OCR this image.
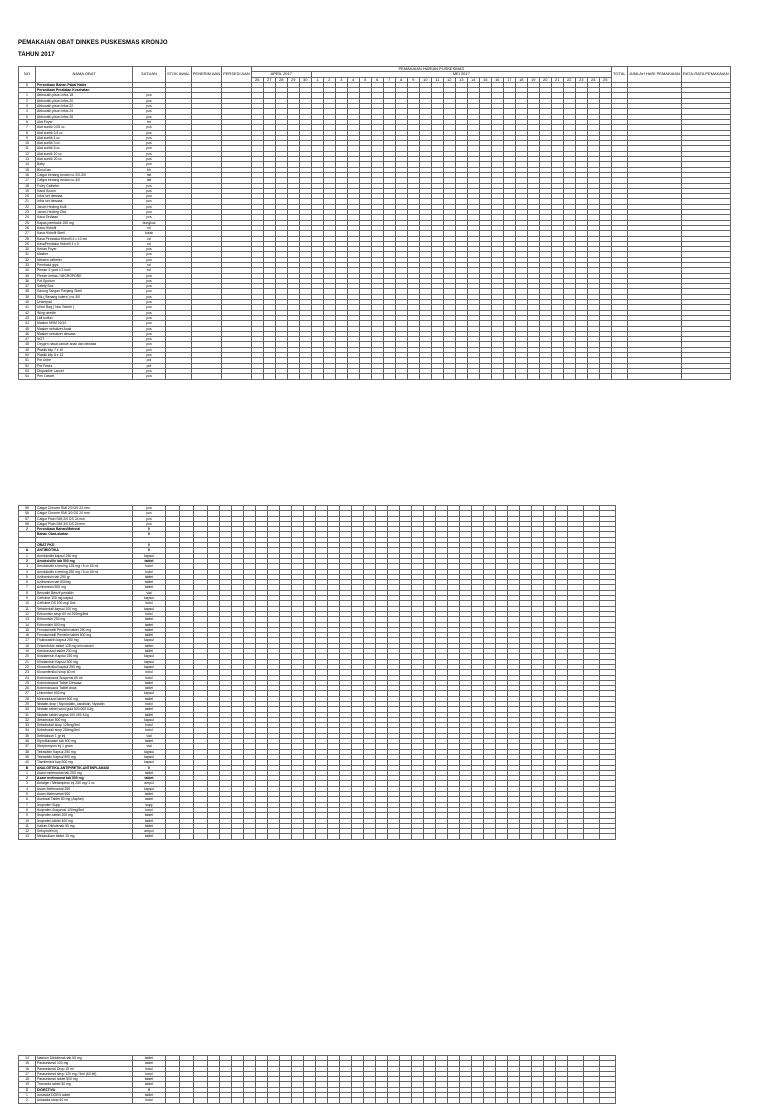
PEMAKAIAN OBAT DINKES PUSKESMAS KRONJO
TAHUN 2017
NO	NAMA OBAT	SATUAN	STOK AWAL	PENERIM AAN	PERSEDI AAN	PEMAKAIAN HARIAN PUSKESMAS																														TOTAL	JUMLAH HARI PEMAKAIAN	RATA-RATA PEMAKAIAN
						APRIL 2017					MEI 2017																											
						26	27	28	29	30	1	2	3	4	5	6	7	8	9	10	11	12	13	14	15	16	17	18	19	20	21	22	23	24	25			
1	Persediaan Bahan Pakai Habis																																					
	Persediaan Peralatan Kesehatan																																					
1	Abbocath pison infus 18	pcs																																				
2	Abbocath pison infus 20	pcs																																				
3	Abbocath pison infus 22	pcs																																				
4	Abbocath pison infus 24	pcs																																				
5	Abbocath pison infus 26	pcs																																				
6	Alat Puyer	bh																																				
7	Alat suntik 0,05 cc	pcs																																				
8	Alat suntik 0,5 cc	pcs																																				
9	Alat suntik 1 cc	pcs																																				
10	Alat suntik 3 cc	pcs																																				
11	Alat suntik 5 cc	pcs																																				
12	Alat suntik 10 cc	pcs																																				
13	Alat suntik 20 cc	pcs																																				
14	Baby	pcs																																				
15	Blood lan	bh																																				
16	Catgut benang bedah no 2/0-3/0	hel																																				
17	Catgut benang bedah no 3/0	hel																																				
18	Foley Catheter	pcs																																				
19	Hand Scoon	pcs																																				
20	Infus set dewasa	pcs																																				
21	Infus set dewasa	pcs																																				
22	Jarum Hecting Kulit	pcs																																				
23	Jarum Hecting Otot	pcs																																				
24	Kaca Sediaan	pcs																																				
25	Kapas pembalut 250 mg	bungkus																																				
26	Kasa Hidrofil	rol																																				
27	Kasa Hidrofil Steril	kotak																																				
28	Kasa Pembalut Hidrofil 4 x 10 cm	rol																																				
29	KasaPembalut Hidrofil 4 x 5	rol																																				
30	Kertas Puyer	pcs																																				
31	Masker	pcs																																				
32	Nelaton catheter	pcs																																				
33	Pembalut gips	rol																																				
34	Plester 5 yard x 2 inch	rol																																				
35	Plester kertas / MICROPORE	pcs																																				
36	Pot Sputum	pcs																																				
37	Safety Box	pcs																																				
38	Sarung Tangan Panjang Steril	pcs																																				
39	Silk ( Benang sutera ) no 3/0	pcs																																				
40	Underpad	pcs																																				
41	Urine Bag ( Non Sebeh )	pcs																																				
42	Wing needle	pcs																																				
43	Lidi kuttun	pcs																																				
44	Masker NRM 02/10	pcs																																				
45	Masker nebulizer Anak	pcs																																				
46	Masker nebulizer dewasa	pcs																																				
47	NGT	pcs																																				
48	Oxygen nasal canule anak dan dewasa	pcs																																				
49	Plastik klip 7 x 10	pcs																																				
50	Plastik klip 8 x 13	pcs																																				
51	Pot Urine	pot																																				
52	Pot Feses	pot																																				
53	Disposible Lancet	pcs																																				
54	Pen Lancet	pcs																																				
55	Catgut Chrome SMI 2/0 DS 24 mm	pcs																																				
56	Catgut Chrome SMI 3/0 DS 24 mm	pcs																																				
57	Catgut Plain SMI 2/0 DS 24 mm	pcs																																				
58	Catgut Plain SMI 3/0 DS 24 mm	pcs																																				
2	Persediaan Bahan/Material	0																																				
	Bahan Obat-obatan	0																																				

	OBAT PKD	0																																				
A	ANTIBIOTIKA	0																																				
1	Amoksisilin kapsul 250 mg	kapsul																																				
2	Amoksisilin tab 500 mg	tablet																																				
3	Amoksisilin s teming 125 mg / 5 cc 60 ml	botol																																				
4	Amoksisilin s teming 250 mg / 5 cc 60 ml	botol																																				
5	Azitromisin tab 250 gr	tablet																																				
6	Azitromisin tab 500mg	tablet																																				
7	Azitromisin 500 mg	tablet																																				
8	Benzatin Benzil penisilin	vial																																				
9	Cefixime 100 mg kapsul	kapsul																																				
10	Cefixime DS 100 mg/ 5ml	botol																																				
11	Sefadroksil kapsul 100 mg	kapsul																																				
12	Eritromisin sirup 60 ml 200mg/5ml	botol																																				
13	Eritromisin 250 mg	tablet																																				
14	Eritromisin 500 mg	tablet																																				
15	Fenoksimetil Penisilin tablet 250 mg	tablet																																				
16	Fenoksimetil Penisilin tablet 500 mg	tablet																																				
17	Fluklosasilin kapsul 250 mg	kapsul																																				
18	Griseofulvin tablet 125 mg microsized	tablet																																				
19	Ketokonazol tablet 200 mg	tablet																																				
20	Klindamisin Kapsul 150 mg	kapsul																																				
21	Klindamisin Kapsul 300 mg	kapsul																																				
22	Kloramfenikol kapsul 250 mg	kapsul																																				
23	Kloramfenikol sirup 60 ml	botol																																				
24	Kotrimoksazol Suspensi 60 ml	botol																																				
25	Kotrimoksazol Tablet Dewasa	tablet																																				
26	Kotrimoksazol Tablet anak	tablet																																				
27	Linkomisin 500 mg	kapsul																																				
28	Metronidazol tablet 500 mg	tablet																																				
29	Nistatin drop / Mycostatin, candistin, Nystatin	botol																																				
30	Nistatin tablet salut gula 500.000 IU/g	tablet																																				
31	Nistatin tablet vagina 100.000 IU/g	tablet																																				
32	Sefadroksil 500 mg	kapsul																																				
33	Sefadroksil sirup 125mg/5ml	botol																																				
34	Sefadroksil sirup 250mg/5ml	botol																																				
35	Seftriakson 1 gr inj	vial																																				
36	Siprofloksasin tab 500 mg	tablet																																				
37	Streptomycin inj 1 gram	vial																																				
38	Tetrasiklin Kapsul 250 mg	kapsul																																				
39	Tetrasiklin Kapsul 500 mg	kapsul																																				
40	Tiamfenikol kap 500 mg	kapsul																																				
B	ANALGETIKA-ANTIPIRETIK-ANTIINFLAMASI	0																																				
1	Asam mefenamat tab 250 mg	tablet																																				
2	Asam mefenamat tab 500 mg	tablet																																				
3	Antalgin / Metampiron inj 250 mg/ 2 cc	ampul																																				
4	Asam Mefenamat 250	kapsul																																				
5	Asam Mefenamat 500	tablet																																				
6	Asetosal Tablet 80 mg (Aspilet)	tablet																																				
7	Ibuprofen Supp	supp																																				
8	Ibuprofen Suspensi 100mg/5ml	botol																																				
9	Ibuprofen tablet 200 mg	tablet																																				
10	Ibuprofen tablet 400 mg	tablet																																				
11	Kalium Diklofenak 50 mg	tablet																																				
12	Ketoprofen inj	ampul																																				
13	Meloksikam tablet 15 mg	tablet																																				
14	Natrium Diklofenak tab 50 mg	tablet																																				
15	Parasetamol 100 mg	tablet																																				
16	Parasetamol Drop 15 ml	botol																																				
17	Parasetamol sirup 120 mg / 5ml (60 Ml)	botol																																				
18	Parasetamol tablet 500 mg	tablet																																				
19	Tramadol tablet 50 mg	tablet																																				
C	DIGESTIVA	0																																				
1	Antasida DOEN tablet	tablet																																				
2	Antasida sirup 60 ml	botol																																				
